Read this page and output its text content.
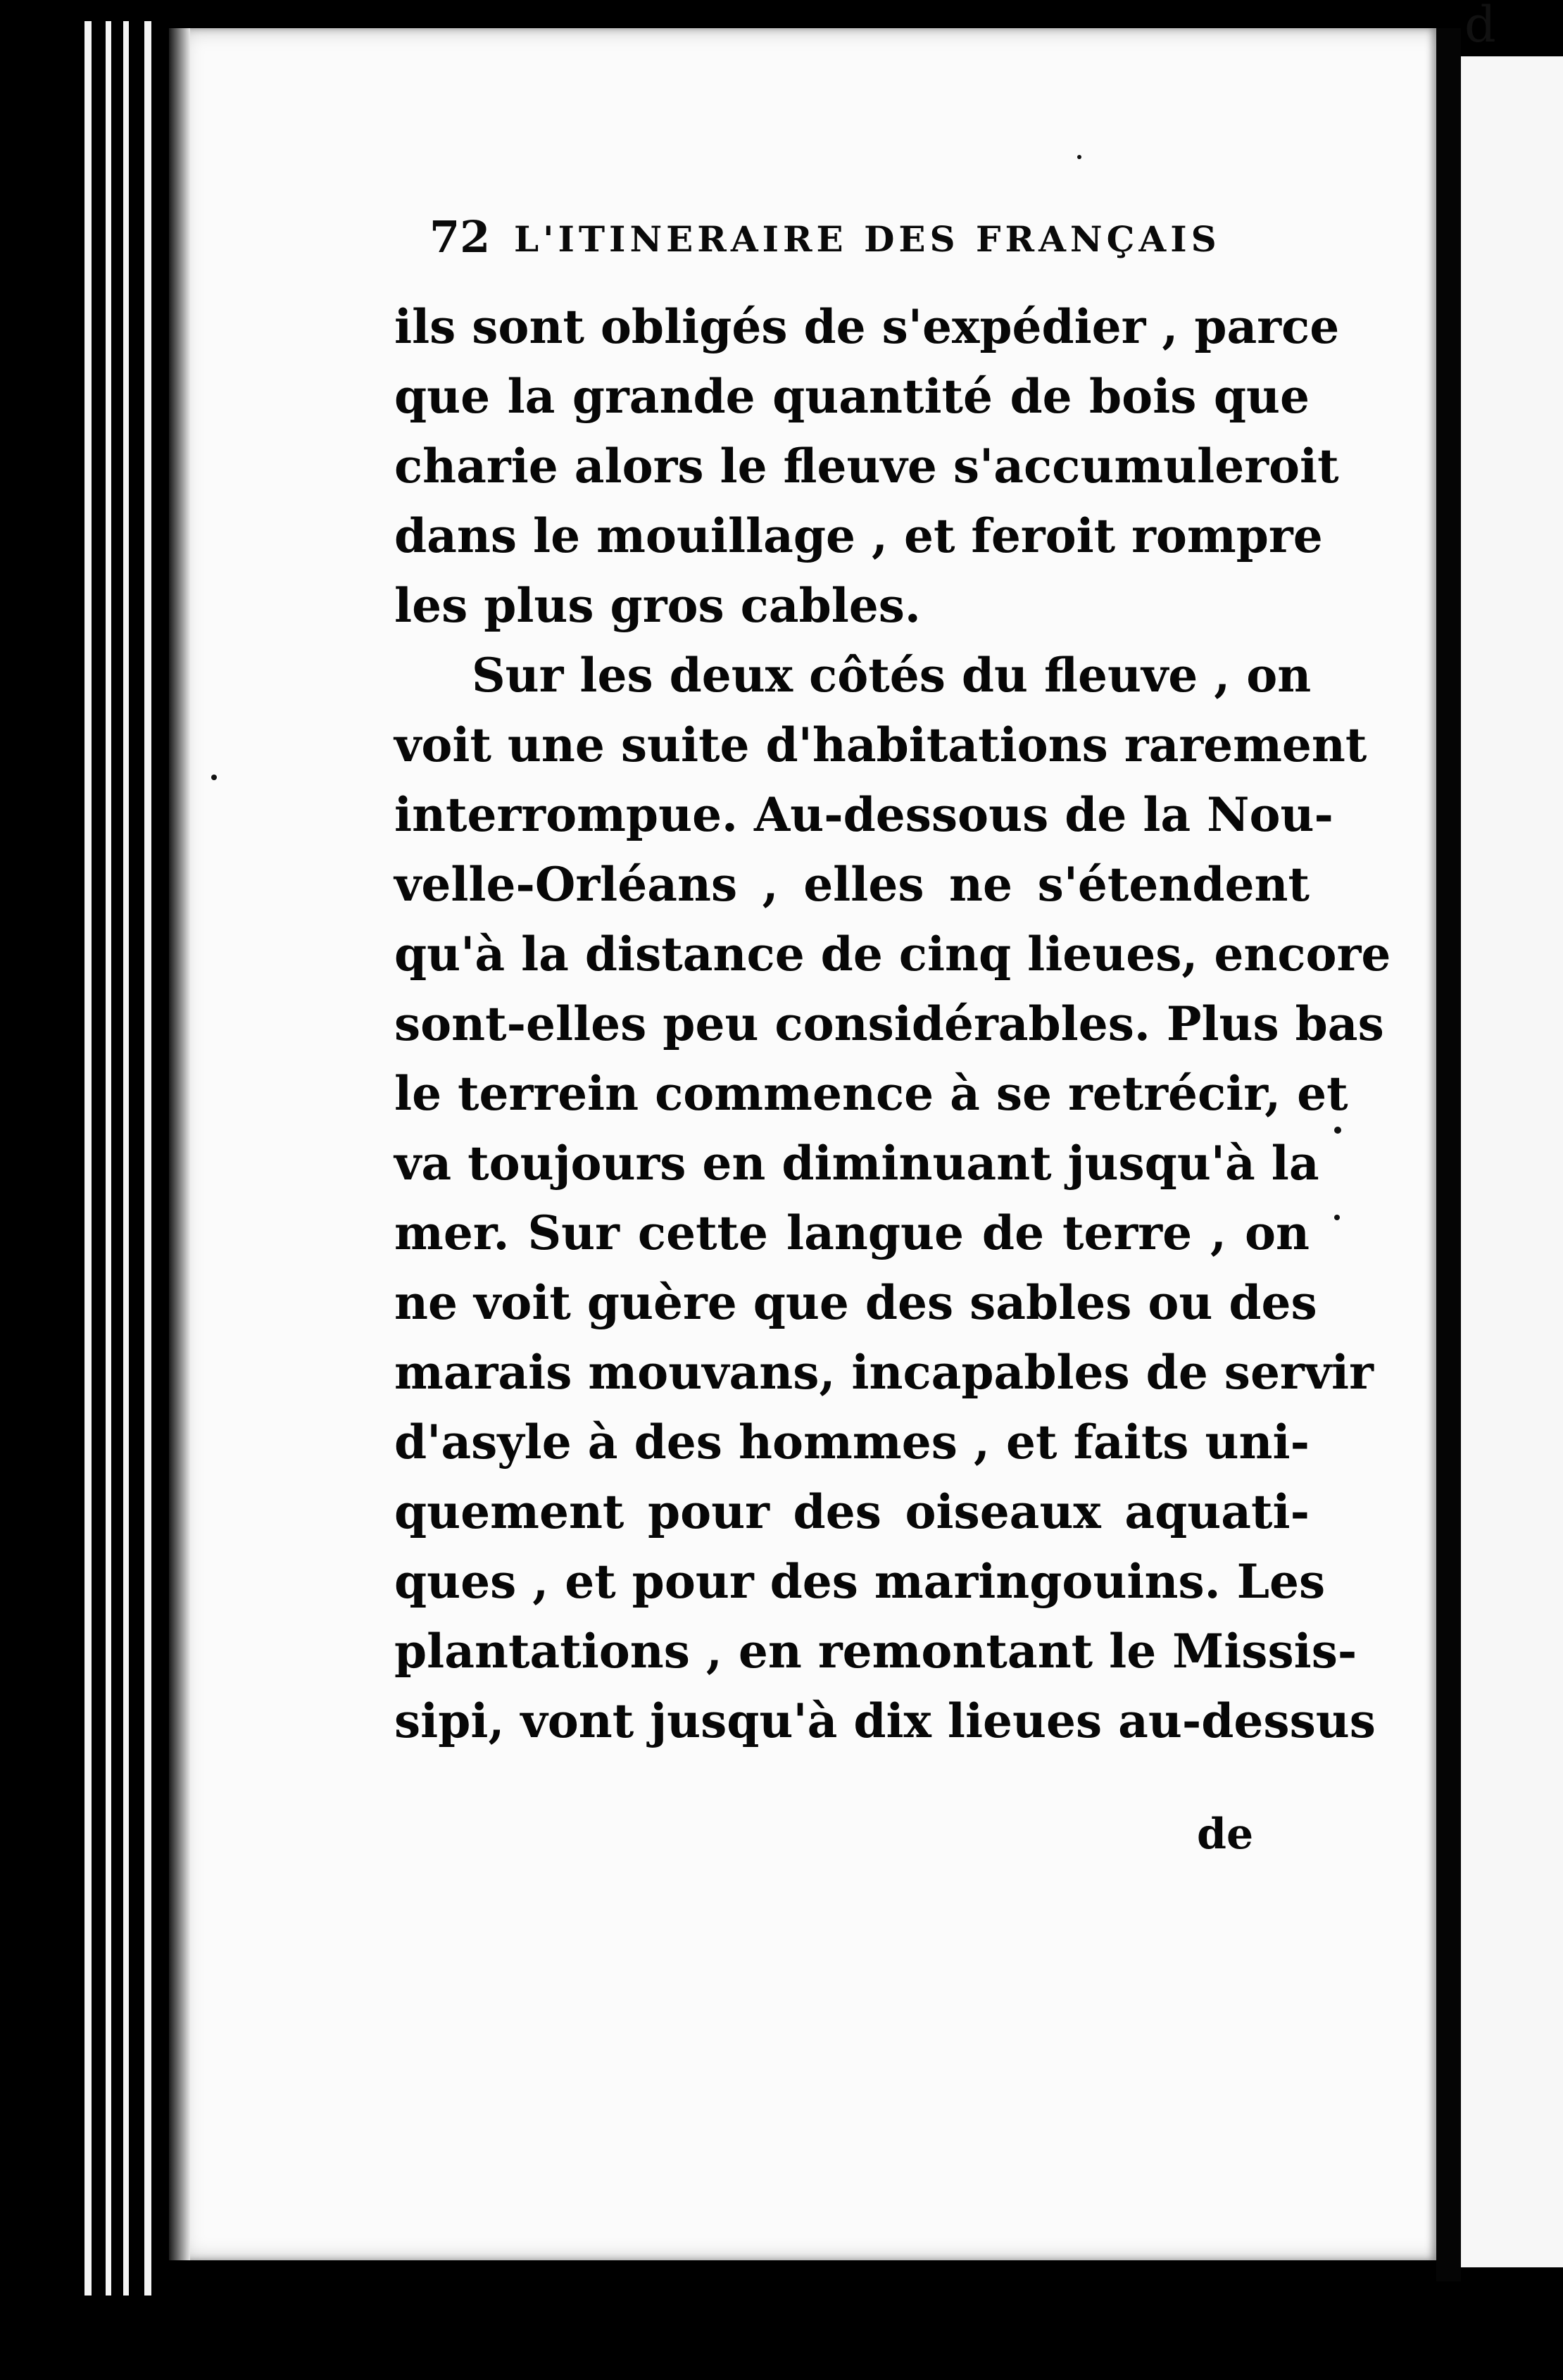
d
72 L'ITINERAIRE DES FRANÇAIS
ils sont obligés de s'expédier , parce
que la grande quantité de bois que
charie alors le fleuve s'accumuleroit
dans le mouillage , et feroit rompre
les plus gros cables.
Sur les deux côtés du fleuve , on
voit une suite d'habitations rarement
interrompue. Au-dessous de la Nou-
velle-Orléans , elles ne s'étendent
qu'à la distance de cinq lieues, encore
sont-elles peu considérables. Plus bas
le terrein commence à se retrécir, et
va toujours en diminuant jusqu'à la
mer. Sur cette langue de terre , on
ne voit guère que des sables ou des
marais mouvans, incapables de servir
d'asyle à des hommes , et faits uni-
quement pour des oiseaux aquati-
ques , et pour des maringouins. Les
plantations , en remontant le Missis-
sipi, vont jusqu'à dix lieues au-dessus
de
